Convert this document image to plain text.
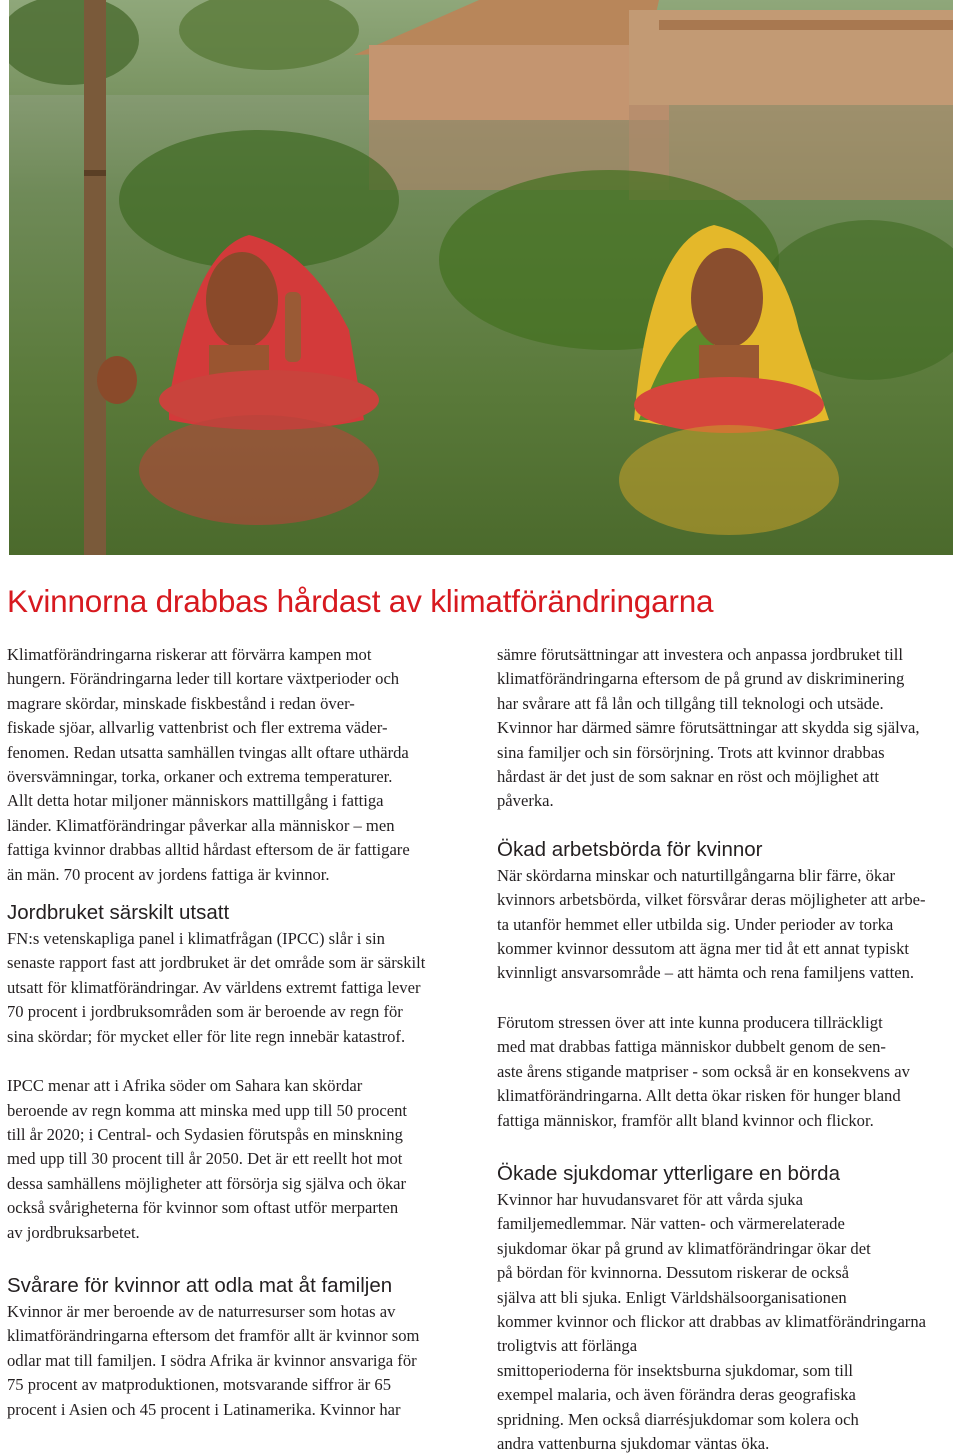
Kvinnorna drabbas hårdast av klimatförändringarna

Klimatförändringarna riskerar att förvärra kampen mot
hungern. Förändringarna leder till kortare växtperioder och
magrare skördar, minskade fiskbestånd i redan över-
fiskade sjöar, allvarlig vattenbrist och fler extrema väder-
fenomen. Redan utsatta samhällen tvingas allt oftare uthärda
översvämningar, torka, orkaner och extrema temperaturer.
Allt detta hotar miljoner människors mattillgång i fattiga
länder. Klimatförändringar påverkar alla människor – men
fattiga kvinnor drabbas alltid hårdast eftersom de är fattigare
än män. 70 procent av jordens fattiga är kvinnor.

Jordbruket särskilt utsatt

FN:s vetenskapliga panel i klimatfrågan (IPCC) slår i sin
senaste rapport fast att jordbruket är det område som är särskilt
utsatt för klimatförändringar. Av världens extremt fattiga lever
70 procent i jordbruksområden som är beroende av regn för
sina skördar; för mycket eller för lite regn innebär katastrof.

IPCC menar att i Afrika söder om Sahara kan skördar
beroende av regn komma att minska med upp till 50 procent
till år 2020; i Central- och Sydasien förutspås en minskning
med upp till 30 procent till år 2050. Det är ett reellt hot mot
dessa samhällens möjligheter att försörja sig själva och ökar
också svårigheterna för kvinnor som oftast utför merparten
av jordbruksarbetet.

Svårare för kvinnor att odla mat åt familjen

Kvinnor är mer beroende av de naturresurser som hotas av
klimatförändringarna eftersom det framför allt är kvinnor som
odlar mat till familjen. I södra Afrika är kvinnor ansvariga för
75 procent av matproduktionen, motsvarande siffror är 65
procent i Asien och 45 procent i Latinamerika. Kvinnor har

sämre förutsättningar att investera och anpassa jordbruket till
klimatförändringarna eftersom de på grund av diskriminering
har svårare att få lån och tillgång till teknologi och utsäde.
Kvinnor har därmed sämre förutsättningar att skydda sig själva,
sina familjer och sin försörjning. Trots att kvinnor drabbas
hårdast är det just de som saknar en röst och möjlighet att
påverka.

Ökad arbetsbörda för kvinnor

När skördarna minskar och naturtillgångarna blir färre, ökar
kvinnors arbetsbörda, vilket försvårar deras möjligheter att arbe-
ta utanför hemmet eller utbilda sig. Under perioder av torka
kommer kvinnor dessutom att ägna mer tid åt ett annat typiskt
kvinnligt ansvarsområde – att hämta och rena familjens vatten.

Förutom stressen över att inte kunna producera tillräckligt
med mat drabbas fattiga människor dubbelt genom de sen-
aste årens stigande matpriser - som också är en konsekvens av
klimatförändringarna. Allt detta ökar risken för hunger bland
fattiga människor, framför allt bland kvinnor och flickor.

Ökade sjukdomar ytterligare en börda

Kvinnor har huvudansvaret för att vårda sjuka
familjemedlemmar. När vatten- och värmerelaterade
sjukdomar ökar på grund av klimatförändringar ökar det
på bördan för kvinnorna. Dessutom riskerar de också
själva att bli sjuka. Enligt Världshälsoorganisationen
kommer kvinnor och flickor att drabbas av klimatförändringarna troligtvis att förlänga
smittoperioderna för insektsburna sjukdomar, som till
exempel malaria, och även förändra deras geografiska
spridning. Men också diarrésjukdomar som kolera och
andra vattenburna sjukdomar väntas öka.
